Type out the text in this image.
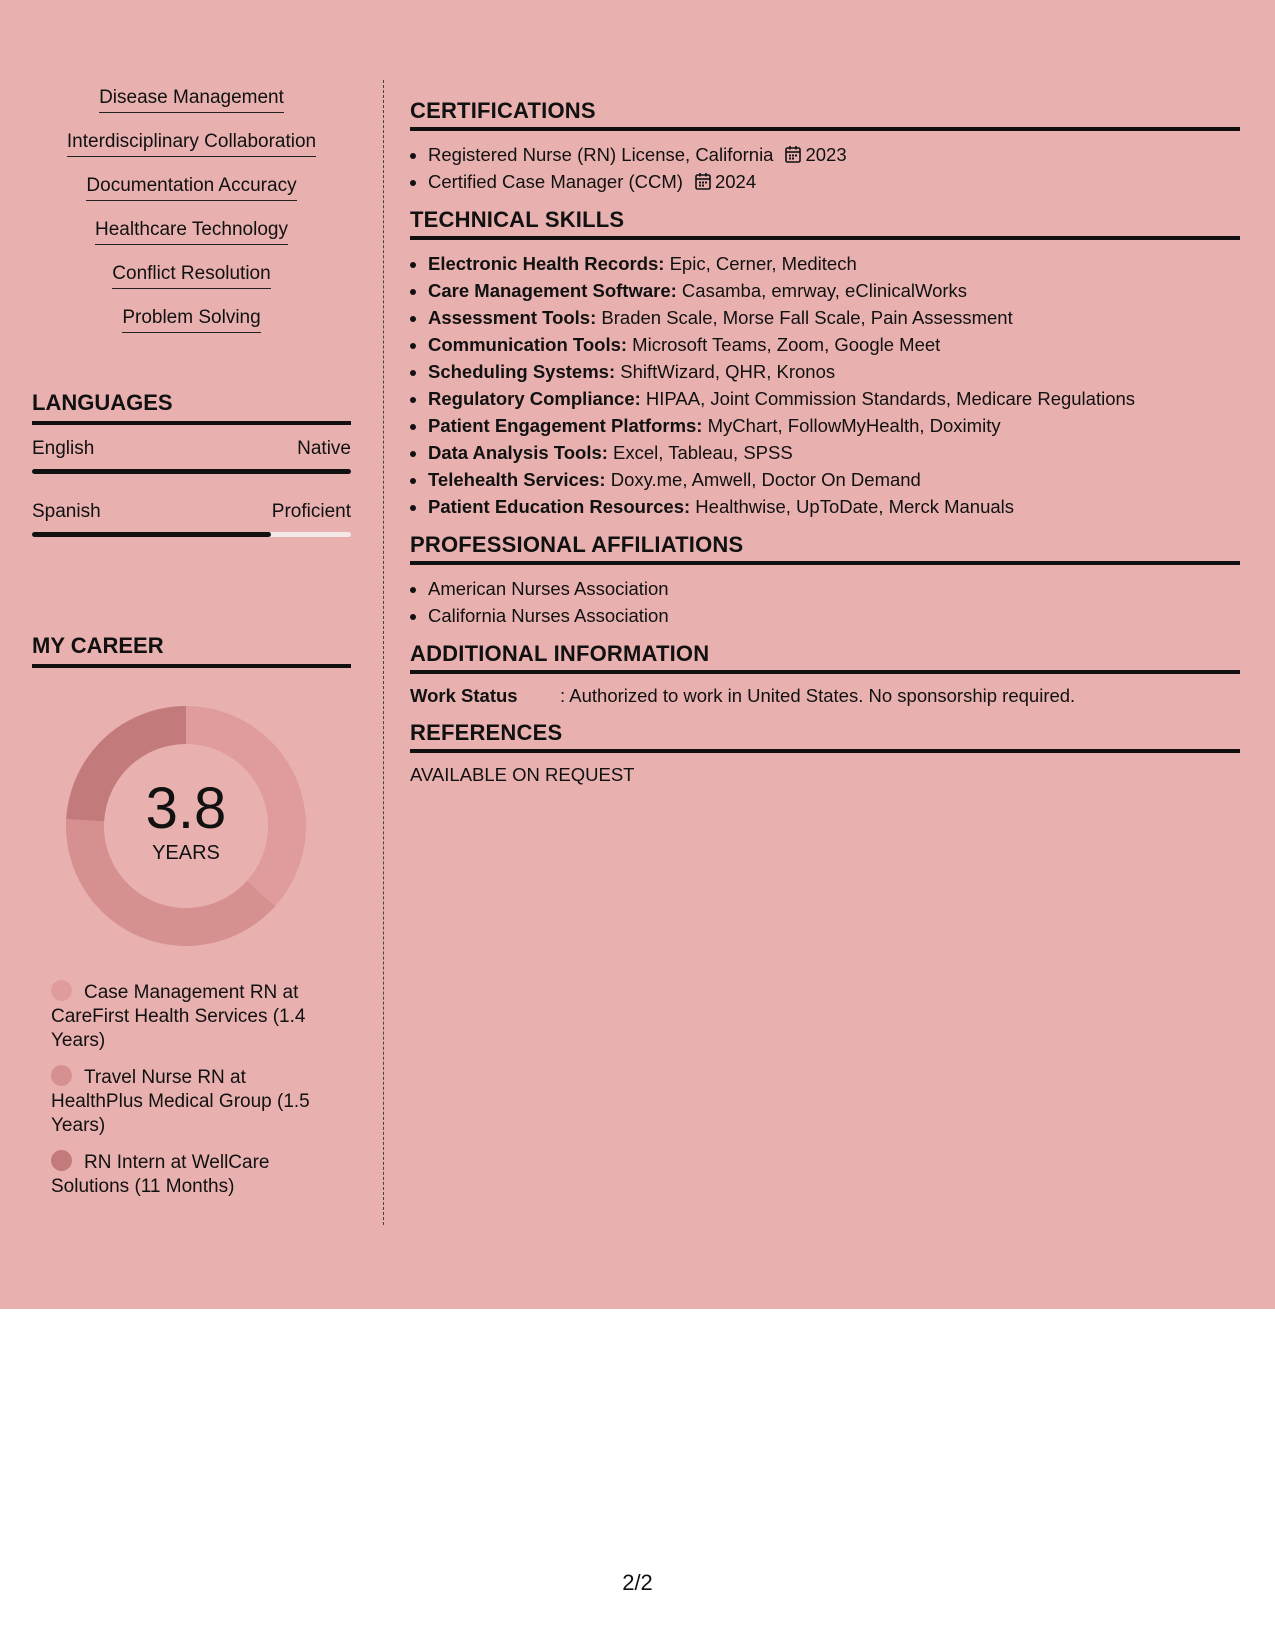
Disease Management
Interdisciplinary Collaboration
Documentation Accuracy
Healthcare Technology
Conflict Resolution
Problem Solving
LANGUAGES
English	Native
Spanish	Proficient
MY CAREER
3.8
YEARS
Case Management RN at CareFirst Health Services (1.4 Years)
Travel Nurse RN at HealthPlus Medical Group (1.5 Years)
RN Intern at WellCare Solutions (11 Months)
CERTIFICATIONS
• Registered Nurse (RN) License, California 2023
• Certified Case Manager (CCM) 2024
TECHNICAL SKILLS
• Electronic Health Records: Epic, Cerner, Meditech
• Care Management Software: Casamba, emrway, eClinicalWorks
• Assessment Tools: Braden Scale, Morse Fall Scale, Pain Assessment
• Communication Tools: Microsoft Teams, Zoom, Google Meet
• Scheduling Systems: ShiftWizard, QHR, Kronos
• Regulatory Compliance: HIPAA, Joint Commission Standards, Medicare Regulations
• Patient Engagement Platforms: MyChart, FollowMyHealth, Doximity
• Data Analysis Tools: Excel, Tableau, SPSS
• Telehealth Services: Doxy.me, Amwell, Doctor On Demand
• Patient Education Resources: Healthwise, UpToDate, Merck Manuals
PROFESSIONAL AFFILIATIONS
• American Nurses Association
• California Nurses Association
ADDITIONAL INFORMATION
Work Status : Authorized to work in United States. No sponsorship required.
REFERENCES
AVAILABLE ON REQUEST
2/2
